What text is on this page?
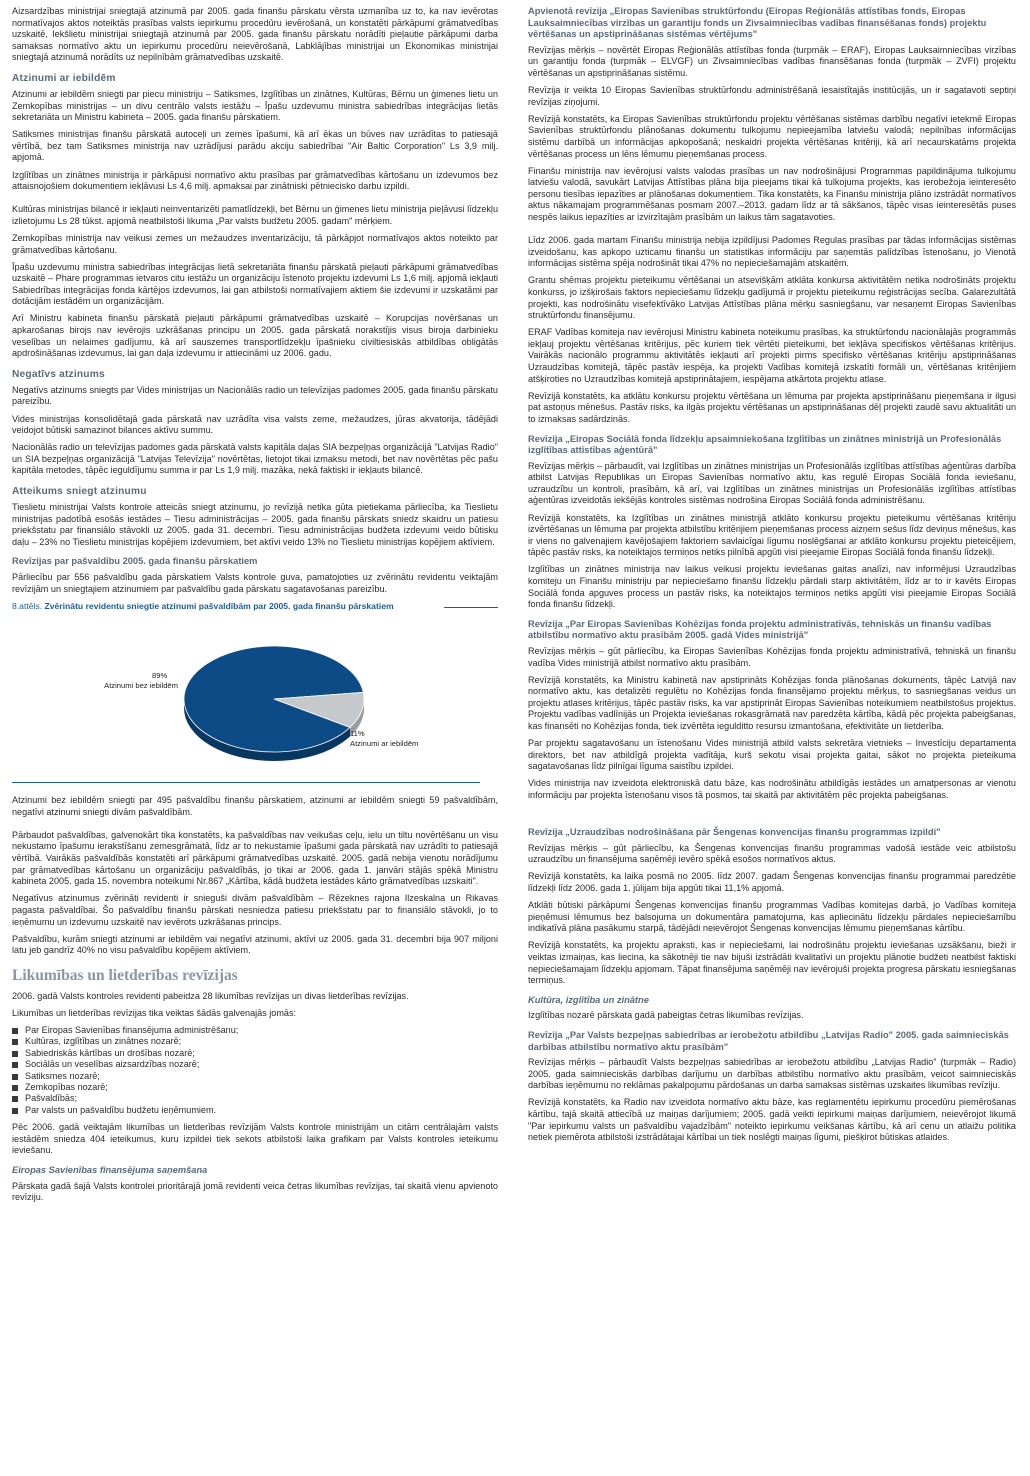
Aizsardzības ministrijai sniegtajā atzinumā par 2005. gada finanšu pārskatu vērsta uzmanība uz to, ka nav ievērotas normatīvajos aktos noteiktās prasības valsts iepirkumu procedūru ievērošanā, un konstatēti pārkāpumi grāmatvedības uzskaitē, Iekšlietu ministrijai sniegtajā atzinumā par 2005. gada finanšu pārskatu norādīti pieļautie pārkāpumi darba samaksas normatīvo aktu un iepirkumu procedūru neievērošanā, Labklājības ministrijai un Ekonomikas ministrijai sniegtajā atzinumā norādīts uz nepilnībām grāmatvedības uzskaitē.

Atzinumi ar iebildēm

Atzinumi ar iebildēm sniegti par piecu ministriju – Satiksmes, Izglītības un zinātnes, Kultūras, Bērnu un ģimenes lietu un Zemkopības ministrijas – un divu centrālo valsts iestāžu – Īpašu uzdevumu ministra sabiedrības integrācijas lietās sekretariāta un Ministru kabineta – 2005. gada finanšu pārskatiem.

Satiksmes ministrijas finanšu pārskatā autoceļi un zemes īpašumi, kā arī ēkas un būves nav uzrādītas to patiesajā vērtībā, bez tam Satiksmes ministrija nav uzrādījusi parādu akciju sabiedrībai "Air Baltic Corporation" Ls 3,9 milj. apjomā.

Izglītības un zinātnes ministrija ir pārkāpusi normatīvo aktu prasības par grāmatvedības kārtošanu un izdevumos bez attaisnojošiem dokumentiem iekļāvusi Ls 4,6 milj. apmaksai par zinātniski pētniecisko darbu izpildi.

Kultūras ministrijas bilancē ir iekļauti neinventarizēti pamatlīdzekļi, bet Bērnu un ģimenes lietu ministrija pieļāvusi līdzekļu izlietojumu Ls 28 tūkst. apjomā neatbilstoši likuma „Par valsts budžetu 2005. gadam" mērķiem.

Zemkopības ministrija nav veikusi zemes un mežaudzes inventarizāciju, tā pārkāpjot normatīvajos aktos noteikto par grāmatvedības kārtošanu.

Īpašu uzdevumu ministra sabiedrības integrācijas lietā sekretariāta finanšu pārskatā pieļauti pārkāpumi grāmatvedības uzskaitē – Phare programmas ietvaros citu iestāžu un organizāciju īstenoto projektu izdevumi Ls 1,6 milj. apjomā iekļauti Sabiedrības integrācijas fonda kārtējos izdevumos, lai gan atbilstoši normatīvajiem aktiem šie izdevumi ir uzskatāmi par dotācijām iestādēm un organizācijām.

Arī Ministru kabineta finanšu pārskatā pieļauti pārkāpumi grāmatvedības uzskaitē – Korupcijas novēršanas un apkarošanas birojs nav ievērojis uzkrāšanas principu un 2005. gada pārskatā norakstījis visus biroja darbinieku veselības un nelaimes gadījumu, kā arī sauszemes transportlīdzekļu īpašnieku civiltiesiskās atbildības obligātās apdrošināšanas izdevumus, lai gan daļa izdevumu ir attiecināmi uz 2006. gadu.

Negatīvs atzinums

Negatīvs atzinums sniegts par Vides ministrijas un Nacionālās radio un televīzijas padomes 2005. gada finanšu pārskatu pareizību.

Vides ministrijas konsolidētajā gada pārskatā nav uzrādīta visa valsts zeme, mežaudzes, jūras akvatorija, tādējādi veidojot būtiski samazinot bilances aktīvu summu.

Nacionālās radio un televīzijas padomes gada pārskatā valsts kapitāla daļas SIA bezpeļņas organizācijā "Latvijas Radio" un SIA bezpeļņas organizācijā "Latvijas Televīzija" novērtētas, lietojot tikai izmaksu metodi, bet nav novērtētas pēc pašu kapitāla metodes, tāpēc ieguldījumu summa ir par Ls 1,9 milj. mazāka, nekā faktiski ir iekļauts bilancē.

Atteikums sniegt atzinumu

Tieslietu ministrijai Valsts kontrole atteicās sniegt atzinumu, jo revīzijā netika gūta pietiekama pārliecība, ka Tieslietu ministrijas padotībā esošās iestādes – Tiesu administrācijas – 2005. gada finanšu pārskats sniedz skaidru un patiesu priekšstatu par finansiālo stāvokli uz 2005. gada 31. decembri. Tiesu administrācijas budžeta izdevumi veido būtisku daļu – 23% no Tieslietu ministrijas kopējiem izdevumiem, bet aktīvi veido 13% no Tieslietu ministrijas kopējiem aktīviem.

Revīzijas par pašvaldību 2005. gada finanšu pārskatiem

Pārliecību par 556 pašvaldību gada pārskatiem Valsts kontrole guva, pamatojoties uz zvērinātu revidentu veiktajām revīzijām un sniegtajiem atzinumiem par pašvaldību gada pārskatu sagatavošanas pareizību.

8.attēls. Zvērinātu revidentu sniegtie atzinumi pašvaldībām par 2005. gada finanšu pārskatiem
89%
Atzinumi bez iebildēm
11%
Atzinumi ar iebildēm

Atzinumi bez iebildēm sniegti par 495 pašvaldību finanšu pārskatiem, atzinumi ar iebildēm sniegti 59 pašvaldībām, negatīvi atzinumi sniegti divām pašvaldībām.

Pārbaudot pašvaldības, galvenokārt tika konstatēts, ka pašvaldības nav veikušas ceļu, ielu un tiltu novērtēšanu un visu nekustamo īpašumu ierakstīšanu zemesgrāmatā, līdz ar to nekustamie īpašumi gada pārskatā nav uzrādīti to patiesajā vērtībā. Vairākās pašvaldībās konstatēti arī pārkāpumi grāmatvedības uzskaitē. 2005. gadā nebija vienotu norādījumu par grāmatvedības kārtošanu un organizāciju pašvaldībās, jo tikai ar 2006. gada 1. janvāri stājās spēkā Ministru kabineta 2005. gada 15. novembra noteikumi Nr.867 „Kārtība, kādā budžeta iestādes kārto grāmatvedības uzskaiti".

Negatīvus atzinumus zvērināti revidenti ir snieguši divām pašvaldībām – Rēzeknes rajona Ilzeskalna un Rikavas pagasta pašvaldībai. Šo pašvaldību finanšu pārskati nesniedza patiesu priekšstatu par to finansiālo stāvokli, jo to ieņēmumu un izdevumu uzskaitē nav ievērots uzkrāšanas princips.

Pašvaldību, kurām sniegti atzinumi ar iebildēm vai negatīvi atzinumi, aktīvi uz 2005. gada 31. decembri bija 907 miljoni latu jeb gandrīz 40% no visu pašvaldību kopējiem aktīviem.

Likumības un lietderības revīzijas

2006. gadā Valsts kontroles revidenti pabeidza 28 likumības revīzijas un divas lietderības revīzijas.

Likumības un lietderības revīzijas tika veiktas šādās galvenajās jomās:

Par Eiropas Savienības finansējuma administrēšanu;
Kultūras, izglītības un zinātnes nozarē;
Sabiedriskās kārtības un drošības nozarē;
Sociālās un veselības aizsardzības nozarē;
Satiksmes nozarē;
Zemkopības nozarē;
Pašvaldībās;
Par valsts un pašvaldību budžetu ieņēmumiem.

Pēc 2006. gadā veiktajām likumības un lietderības revīzijām Valsts kontrole ministrijām un citām centrālajām valsts iestādēm sniedza 404 ieteikumus, kuru izpildei tiek sekots atbilstoši laika grafikam par Valsts kontroles ieteikumu ieviešanu.

Eiropas Savienības finansējuma saņemšana

Pārskata gadā šajā Valsts kontrolei prioritārajā jomā revidenti veica četras likumības revīzijas, tai skaitā vienu apvienoto revīziju.

Apvienotā revīzija „Eiropas Savienības struktūrfondu (Eiropas Reģionālās attīstības fonds, Eiropas Lauksaimniecības virzības un garantiju fonds un Zivsaimniecības vadības finansēšanas fonds) projektu vērtēšanas un apstiprināšanas sistēmas vērtējums"

Revīzijas mērķis – novērtēt Eiropas Reģionālās attīstības fonda (turpmāk – ERAF), Eiropas Lauksaimniecības virzības un garantiju fonda (turpmāk – ELVGF) un Zivsaimniecības vadības finansēšanas fonda (turpmāk – ZVFI) projektu vērtēšanas un apstiprināšanas sistēmu.

Revīzija ir veikta 10 Eiropas Savienības struktūrfondu administrēšanā iesaistītajās institūcijās, un ir sagatavoti septiņi revīzijas ziņojumi.

Revīzijā konstatēts, ka Eiropas Savienības struktūrfondu projektu vērtēšanas sistēmas darbību negatīvi ietekmē Eiropas Savienības struktūrfondu plānošanas dokumentu tulkojumu nepieejamība latviešu valodā; nepilnības informācijas sistēmu darbībā un informācijas apkopošanā; neskaidri projekta vērtēšanas kritēriji, kā arī necaurskatāms projekta vērtēšanas process un lēns lēmumu pieņemšanas process.

Finanšu ministrija nav ievērojusi valsts valodas prasības un nav nodrošinājusi Programmas papildinājuma tulkojumu latviešu valodā, savukārt Latvijas Attīstības plāna bija pieejams tikai kā tulkojuma projekts, kas ierobežoja ieinteresēto personu tiesības iepazīties ar plānošanas dokumentiem. Tika konstatēts, ka Finanšu ministrija plāno izstrādāt normatīvos aktus nākamajam programmēšanas posmam 2007.–2013. gadam līdz ar tā sākšanos, tāpēc visas ieinteresētās puses nespēs laikus iepazīties ar izvirzītajām prasībām un laikus tām sagatavoties.

Līdz 2006. gada martam Finanšu ministrija nebija izpildījusi Padomes Regulas prasības par tādas informācijas sistēmas izveidošanu, kas apkopo uzticamu finanšu un statistikas informāciju par saņemtās palīdzības īstenošanu, jo Vienotā informācijas sistēma spēja nodrošināt tikai 47% no nepieciešamajām atskaitēm.

Grantu shēmas projektu pieteikumu vērtēšanai un atsevišķām atklāta konkursa aktivitātēm netika nodrošināts projektu konkurss, jo izšķirošais faktors nepieciešamu līdzekļu gadījumā ir projektu pieteikumu reģistrācijas secība. Galarezultātā projekti, kas nodrošinātu visefektīvāko Latvijas Attīstības plāna mērķu sasniegšanu, var nesaņemt Eiropas Savienības struktūrfondu finansējumu.

ERAF Vadības komiteja nav ievērojusi Ministru kabineta noteikumu prasības, ka struktūrfondu nacionālajās programmās iekļauj projektu vērtēšanas kritērijus, pēc kuriem tiek vērtēti pieteikumi, bet iekļāva specifiskos vērtēšanas kritērijus. Vairākās nacionālo programmu aktivitātēs iekļauti arī projekti pirms specifisko vērtēšanas kritēriju apstiprināšanas Uzraudzības komitejā, tāpēc pastāv iespēja, ka projekti Vadības komitejā izskatīti formāli un, vērtēšanas kritērijiem atšķiroties no Uzraudzības komitejā apstiprinātajiem, iespējama atkārtota projektu atlase.

Revīzijā konstatēts, ka atklātu konkursu projektu vērtēšana un lēmuma par projekta apstiprināšanu pieņemšana ir ilgusi pat astoņus mēnešus. Pastāv risks, ka ilgās projektu vērtēšanas un apstiprināšanas dēļ projekti zaudē savu aktualitāti un to izmaksas sadārdzinās.

Revīzija „Eiropas Sociālā fonda līdzekļu apsaimniekošana Izglītības un zinātnes ministrijā un Profesionālās izglītības attīstības aģentūrā"

Revīzijas mērķis – pārbaudīt, vai Izglītības un zinātnes ministrijas un Profesionālās izglītības attīstības aģentūras darbība atbilst Latvijas Republikas un Eiropas Savienības normatīvo aktu, kas regulē Eiropas Sociālā fonda ieviešanu, uzraudzību un kontroli, prasībām, kā arī, vai Izglītības un zinātnes ministrijas un Profesionālās izglītības attīstības aģentūras izveidotās iekšējās kontroles sistēmas nodrošina Eiropas Sociālā fonda administrēšanu.

Revīzijā konstatēts, ka Izglītības un zinātnes ministrijā atklāto konkursu projektu pieteikumu vērtēšanas kritēriju izvērtēšanas un lēmuma par projekta atbilstību kritērijiem pieņemšanas process aizņem sešus līdz deviņus mēnešus, kas ir viens no galvenajiem kavējošajiem faktoriem savlaicīgai līgumu noslēgšanai ar atklāto konkursu projektu pieteicējiem, tāpēc pastāv risks, ka noteiktajos termiņos netiks pilnībā apgūti visi pieejamie Eiropas Sociālā fonda finanšu līdzekļi.

Izglītības un zinātnes ministrija nav laikus veikusi projektu ieviešanas gaitas analīzi, nav informējusi Uzraudzības komiteju un Finanšu ministriju par nepieciešamo finanšu līdzekļu pārdali starp aktivitātēm, līdz ar to ir kavēts Eiropas Sociālā fonda apguves process un pastāv risks, ka noteiktajos termiņos netiks apgūti visi pieejamie Eiropas Sociālā fonda finanšu līdzekļi.

Revīzija „Par Eiropas Savienības Kohēzijas fonda projektu administratīvās, tehniskās un finanšu vadības atbilstību normatīvo aktu prasībām 2005. gadā Vides ministrijā"

Revīzijas mērķis – gūt pārliecību, ka Eiropas Savienības Kohēzijas fonda projektu administratīvā, tehniskā un finanšu vadība Vides ministrijā atbilst normatīvo aktu prasībām.

Revīzijā konstatēts, ka Ministru kabinetā nav apstiprināts Kohēzijas fonda plānošanas dokuments, tāpēc Latvijā nav normatīvo aktu, kas detalizēti regulētu no Kohēzijas fonda finansējamo projektu mērķus, to sasniegšanas veidus un projektu atlases kritērijus, tāpēc pastāv risks, ka var apstiprināt Eiropas Savienības noteikumiem neatbilstošus projektus. Projektu vadības vadlīnijās un Projekta ieviešanas rokasgrāmatā nav paredzēta kārtība, kādā pēc projekta pabeigšanas, kas finansēti no Kohēzijas fonda, tiek izvērtēta iegulditto resursu izmantošana, efektivitāte un lietderība.

Par projektu sagatavošanu un īstenošanu Vides ministrijā atbild valsts sekretāra vietnieks – Investīciju departamenta direktors, bet nav atbildīgā projekta vadītāja, kurš sekotu visai projekta gaitai, sākot no projekta pieteikuma sagatavošanas līdz pilnīgai līguma saistību izpildei.

Vides ministrija nav izveidota elektroniskā datu bāze, kas nodrošinātu atbildīgās iestādes un amatpersonas ar vienotu informāciju par projekta īstenošanu visos tā posmos, tai skaitā par aktivitātēm pēc projekta pabeigšanas.

Revīzija „Uzraudzības nodrošināšana pār Šengenas konvencijas finanšu programmas izpildi"

Revīzijas mērķis – gūt pārliecību, ka Šengenas konvencijas finanšu programmas vadošā iestāde veic atbilstošu uzraudzību un finansējuma saņēmēji ievēro spēkā esošos normatīvos aktus.

Revīzijā konstatēts, ka laika posmā no 2005. līdz 2007. gadam Šengenas konvencijas finanšu programmai paredzētie līdzekļi līdz 2006. gada 1. jūlijam bija apgūti tikai 11,1% apjomā.

Atklāti būtiski pārkāpumi Šengenas konvencijas finanšu programmas Vadības komitejas darbā, jo Vadības komiteja pieņēmusi lēmumus bez balsojuma un dokumentāra pamatojuma, kas apliecinātu līdzekļu pārdales nepieciešamību indikatīvā plāna pasākumu starpā, tādējādi neievērojot Šengenas konvencijas lēmumu pieņemšanas kārtību.

Revīzijā konstatēts, ka projektu apraksti, kas ir nepieciešami, lai nodrošinātu projektu ieviešanas uzsākšanu, bieži ir veiktas izmaiņas, kas liecina, ka sākotnēji tie nav bijuši izstrādāti kvalitatīvi un projektu plānotie budžeti neatbilst faktiski nepieciešamajam līdzekļu apjomam. Tāpat finansējuma saņēmēji nav ievērojuši projekta progresa pārskatu iesniegšanas termiņus.

Kultūra, izglītība un zinātne

Izglītības nozarē pārskata gadā pabeigtas četras likumības revīzijas.

Revīzija „Par Valsts bezpeļņas sabiedrības ar ierobežotu atbildību „Latvijas Radio" 2005. gada saimnieciskās darbības atbilstību normatīvo aktu prasībām"

Revīzijas mērķis – pārbaudīt Valsts bezpeļņas sabiedrības ar ierobežotu atbildību „Latvijas Radio" (turpmāk – Radio) 2005. gada saimnieciskās darbības darījumu un darbības atbilstību normatīvo aktu prasībām, veicot saimnieciskās darbības ieņēmumu no reklāmas pakalpojumu pārdošanas un darba samaksas sistēmas uzskaites likumības revīziju.

Revīzijā konstatēts, ka Radio nav izveidota normatīvo aktu bāze, kas reglamentētu iepirkumu procedūru piemērošanas kārtību, tajā skaitā attiecībā uz maiņas darījumiem; 2005. gadā veikti iepirkumi maiņas darījumiem, neievērojot likumā "Par iepirkumu valsts un pašvaldību vajadzībām" noteikto iepirkumu veikšanas kārtību, kā arī cenu un atlaižu politika netiek piemērota atbilstoši izstrādātajai kārtībai un tiek noslēgti maiņas līgumi, piešķirot būtiskas atlaides.
